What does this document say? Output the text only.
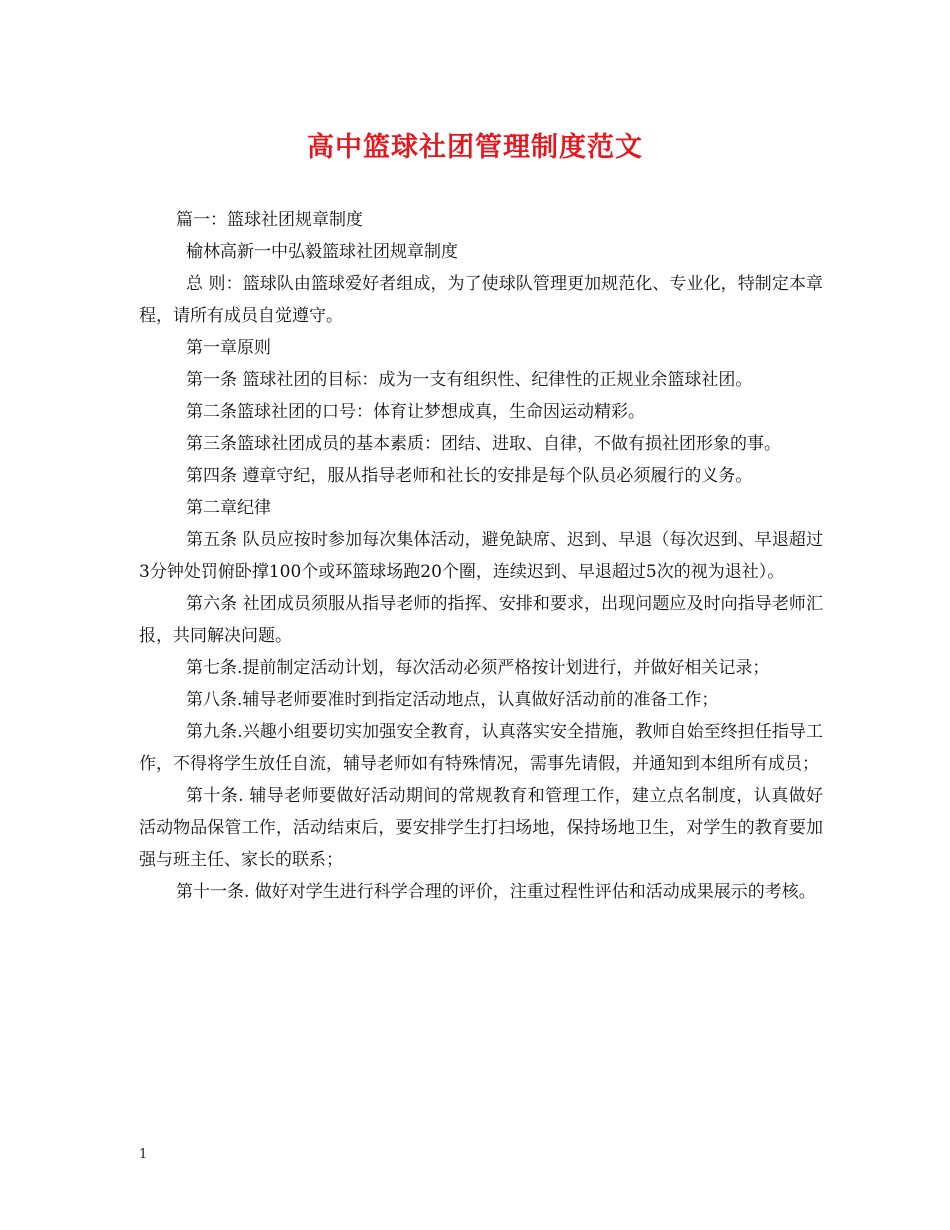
高中篮球社团管理制度范文

篇一：篮球社团规章制度

榆林高新一中弘毅篮球社团规章制度

总 则：篮球队由篮球爱好者组成，为了使球队管理更加规范化、专业化，特制定本章程，请所有成员自觉遵守。

第一章原则

第一条 篮球社团的目标：成为一支有组织性、纪律性的正规业余篮球社团。

第二条篮球社团的口号：体育让梦想成真，生命因运动精彩。

第三条篮球社团成员的基本素质：团结、进取、自律，不做有损社团形象的事。

第四条 遵章守纪，服从指导老师和社长的安排是每个队员必须履行的义务。

第二章纪律

第五条 队员应按时参加每次集体活动，避免缺席、迟到、早退（每次迟到、早退超过3分钟处罚俯卧撑100个或环篮球场跑20个圈，连续迟到、早退超过5次的视为退社）。

第六条 社团成员须服从指导老师的指挥、安排和要求，出现问题应及时向指导老师汇报，共同解决问题。

第七条.提前制定活动计划，每次活动必须严格按计划进行，并做好相关记录；

第八条.辅导老师要准时到指定活动地点，认真做好活动前的准备工作；

第九条.兴趣小组要切实加强安全教育，认真落实安全措施，教师自始至终担任指导工作，不得将学生放任自流，辅导老师如有特殊情况，需事先请假，并通知到本组所有成员；

第十条. 辅导老师要做好活动期间的常规教育和管理工作，建立点名制度，认真做好活动物品保管工作，活动结束后，要安排学生打扫场地，保持场地卫生，对学生的教育要加强与班主任、家长的联系；

第十一条. 做好对学生进行科学合理的评价，注重过程性评估和活动成果展示的考核。

1
